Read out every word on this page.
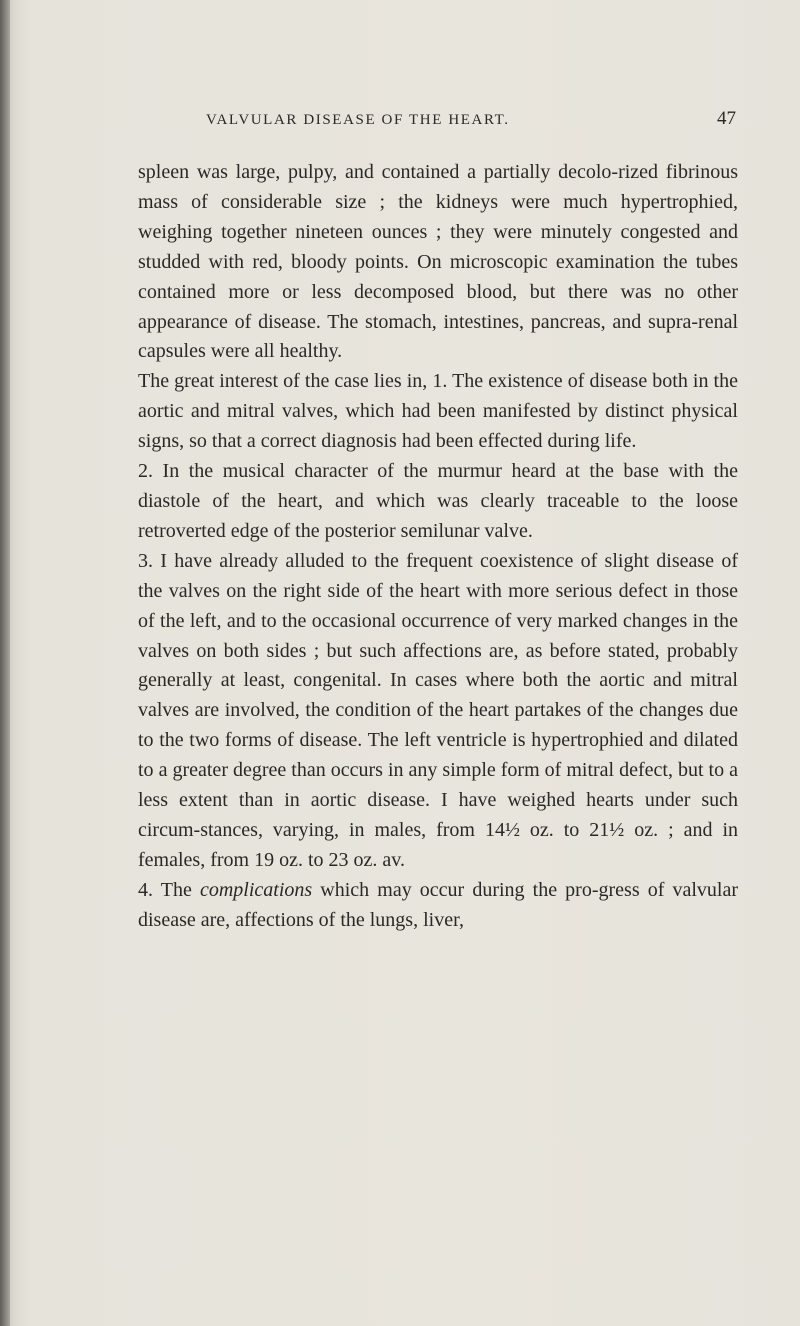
VALVULAR DISEASE OF THE HEART.	47

spleen was large, pulpy, and contained a partially decolo-rized fibrinous mass of considerable size ; the kidneys were much hypertrophied, weighing together nineteen ounces ; they were minutely congested and studded with red, bloody points. On microscopic examination the tubes contained more or less decomposed blood, but there was no other appearance of disease. The stomach, intestines, pancreas, and supra-renal capsules were all healthy.

The great interest of the case lies in, 1. The existence of disease both in the aortic and mitral valves, which had been manifested by distinct physical signs, so that a correct diagnosis had been effected during life.

2. In the musical character of the murmur heard at the base with the diastole of the heart, and which was clearly traceable to the loose retroverted edge of the posterior semilunar valve.

3. I have already alluded to the frequent coexistence of slight disease of the valves on the right side of the heart with more serious defect in those of the left, and to the occasional occurrence of very marked changes in the valves on both sides ; but such affections are, as before stated, probably generally at least, congenital. In cases where both the aortic and mitral valves are involved, the condition of the heart partakes of the changes due to the two forms of disease. The left ventricle is hypertrophied and dilated to a greater degree than occurs in any simple form of mitral defect, but to a less extent than in aortic disease. I have weighed hearts under such circum-stances, varying, in males, from 14½ oz. to 21½ oz. ; and in females, from 19 oz. to 23 oz. av.

4. The complications which may occur during the pro-gress of valvular disease are, affections of the lungs, liver,
